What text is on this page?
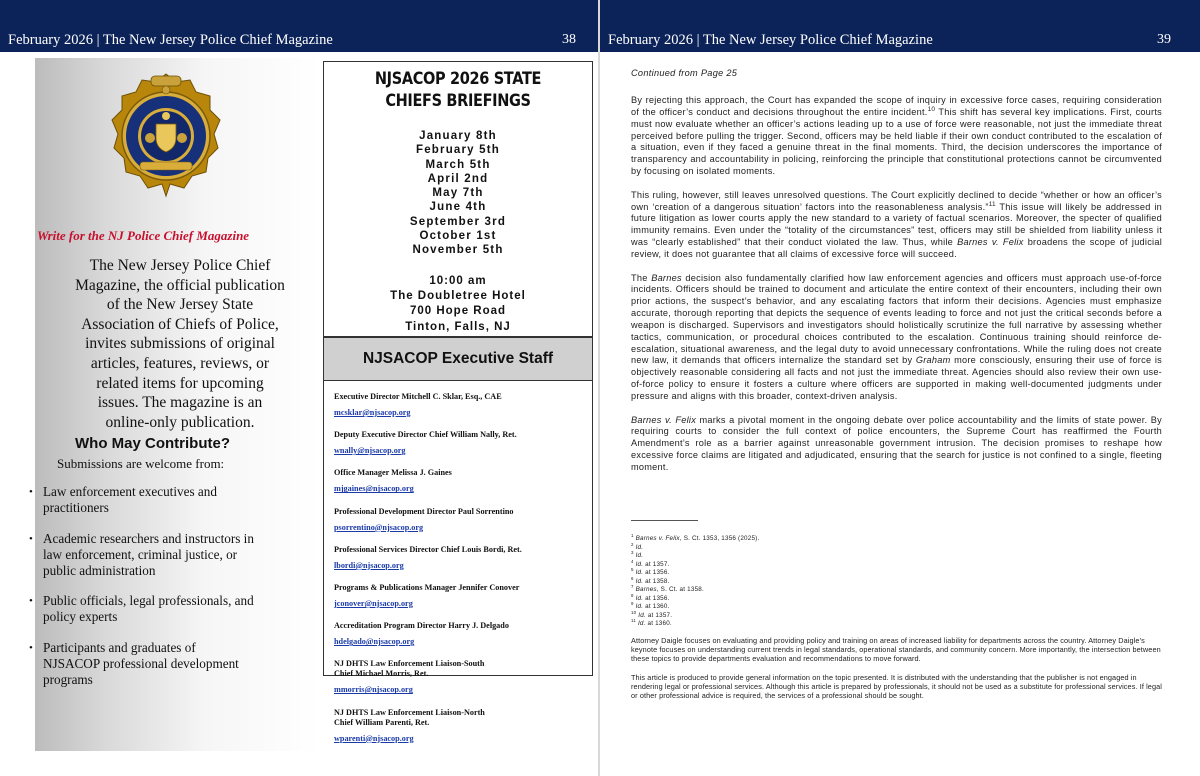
February 2026 | The New Jersey Police Chief Magazine	38
Write for the NJ Police Chief Magazine
The New Jersey Police Chief
Magazine, the official publication
of the New Jersey State
Association of Chiefs of Police,
invites submissions of original
articles, features, reviews, or
related items for upcoming
issues. The magazine is an
online-only publication.
Who May Contribute?
Submissions are welcome from:
• Law enforcement executives and
practitioners
• Academic researchers and instructors in
law enforcement, criminal justice, or
public administration
• Public officials, legal professionals, and
policy experts
• Participants and graduates of
NJSACOP professional development
programs
NJSACOP 2026 STATE
CHIEFS BRIEFINGS
January 8th
February 5th
March 5th
April 2nd
May 7th
June 4th
September 3rd
October 1st
November 5th
10:00 am
The Doubletree Hotel
700 Hope Road
Tinton, Falls, NJ
NJSACOP Executive Staff
Executive Director Mitchell C. Sklar, Esq., CAE
mcsklar@njsacop.org
Deputy Executive Director Chief William Nally, Ret.
wnally@njsacop.org
Office Manager Melissa J. Gaines
mjgaines@njsacop.org
Professional Development Director Paul Sorrentino
psorrentino@njsacop.org
Professional Services Director Chief Louis Bordi, Ret.
lbordi@njsacop.org
Programs & Publications Manager Jennifer Conover
jconover@njsacop.org
Accreditation Program Director Harry J. Delgado
hdelgado@njsacop.org
NJ DHTS Law Enforcement Liaison-South
Chief Michael Morris, Ret.
mmorris@njsacop.org
NJ DHTS Law Enforcement Liaison-North
Chief William Parenti, Ret.
wparenti@njsacop.org
February 2026 | The New Jersey Police Chief Magazine	39
Continued from Page 25

By rejecting this approach, the Court has expanded the scope of inquiry in excessive force cases, requiring consideration of the officer’s conduct and decisions throughout the entire incident.$^{10}$ This shift has several key implications. First, courts must now evaluate whether an officer’s actions leading up to a use of force were reasonable, not just the immediate threat perceived before pulling the trigger. Second, officers may be held liable if their own conduct contributed to the escalation of a situation, even if they faced a genuine threat in the final moments. Third, the decision underscores the importance of transparency and accountability in policing, reinforcing the principle that constitutional protections cannot be circumvented by focusing on isolated moments.

This ruling, however, still leaves unresolved questions. The Court explicitly declined to decide “whether or how an officer’s own ‘creation of a dangerous situation’ factors into the reasonableness analysis.”$^{11}$ This issue will likely be addressed in future litigation as lower courts apply the new standard to a variety of factual scenarios. Moreover, the specter of qualified immunity remains. Even under the “totality of the circumstances” test, officers may still be shielded from liability unless it was “clearly established” that their conduct violated the law. Thus, while Barnes v. Felix broadens the scope of judicial review, it does not guarantee that all claims of excessive force will succeed.

The Barnes decision also fundamentally clarified how law enforcement agencies and officers must approach use-of-force incidents. Officers should be trained to document and articulate the entire context of their encounters, including their own prior actions, the suspect’s behavior, and any escalating factors that inform their decisions. Agencies must emphasize accurate, thorough reporting that depicts the sequence of events leading to force and not just the critical seconds before a weapon is discharged. Supervisors and investigators should holistically scrutinize the full narrative by assessing whether tactics, communication, or procedural choices contributed to the escalation. Continuous training should reinforce de-escalation, situational awareness, and the legal duty to avoid unnecessary confrontations. While the ruling does not create new law, it demands that officers internalize the standard set by Graham more consciously, ensuring their use of force is objectively reasonable considering all facts and not just the immediate threat. Agencies should also review their own use-of-force policy to ensure it fosters a culture where officers are supported in making well-documented judgments under pressure and aligns with this broader, context-driven analysis.

Barnes v. Felix marks a pivotal moment in the ongoing debate over police accountability and the limits of state power. By requiring courts to consider the full context of police encounters, the Supreme Court has reaffirmed the Fourth Amendment’s role as a barrier against unreasonable government intrusion. The decision promises to reshape how excessive force claims are litigated and adjudicated, ensuring that the search for justice is not confined to a single, fleeting moment.

$^1$ Barnes v. Felix, S. Ct. 1353, 1356 (2025).
$^2$ Id.
$^3$ Id.
$^4$ Id. at 1357.
$^5$ Id. at 1356.
$^6$ Id. at 1358.
$^7$ Barnes, S. Ct. at 1358.
$^8$ Id. at 1356.
$^9$ Id. at 1360.
$^{10}$ Id. at 1357.
$^{11}$ Id. at 1360.

Attorney Daigle focuses on evaluating and providing policy and training on areas of increased liability for departments across the country. Attorney Daigle’s keynote focuses on understanding current trends in legal standards, operational standards, and community concern. More importantly, the intersection between these topics to provide departments evaluation and recommendations to move forward.

This article is produced to provide general information on the topic presented. It is distributed with the understanding that the publisher is not engaged in rendering legal or professional services. Although this article is prepared by professionals, it should not be used as a substitute for professional services. If legal or other professional advice is required, the services of a professional should be sought.
